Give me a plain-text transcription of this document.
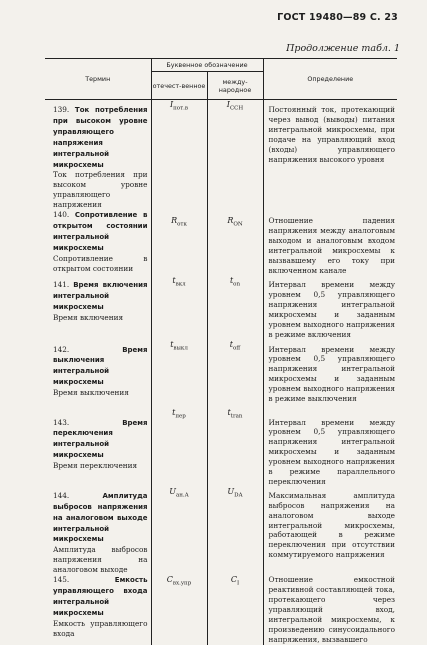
ГОСТ 19480—89 С. 23
Продолжение табл. 1
Термин	Буквенное обозначение		Определение
	отечест-венное	между-народное	

139. Ток потребления при высоком уровне управляющего напряжения интегральной микросхемы
Ток потребления при высоком уровне управляющего напряжения	$I_{пот.в}$	$I_{CCH}$	Постоянный ток, протекающий через вывод (выводы) питания интегральной микросхемы, при подаче на управляющий вход (входы) управляющего напряжения высокого уровня

140. Сопротивление в открытом состоянии интегральной микросхемы
Сопротивление в открытом состоянии	$R_{отк}$	$R_{ON}$	Отношение падения напряжения между аналоговым выходом и аналоговым входом интегральной микросхемы к вызвавшему его току при включенном канале

141. Время включения интегральной микросхемы
Время включения	$t_{вкл}$	$t_{on}$	Интервал времени между уровнем 0,5 управляющего напряжения интегральной микросхемы и заданным уровнем выходного напряжения в режиме включения

142. Время выключения интегральной микросхемы
Время выключения	$t_{выкл}$	$t_{off}$	Интервал времени между уровнем 0,5 управляющего напряжения интегральной микросхемы и заданным уровнем выходного напряжения в режиме выключения

143. Время переключения интегральной микросхемы
Время переключения	$t_{пер}$	$t_{tran}$	Интервал времени между уровнем 0,5 управляющего напряжения интегральной микросхемы и заданным уровнем выходного напряжения в режиме параллельного переключения

144. Амплитуда выбросов напряжения на аналоговом выходе интегральной микросхемы
Амплитуда выбросов напряжения на аналоговом выходе	$U_{ан.А}$	$U_{DA}$	Максимальная амплитуда выбросов напряжения на аналоговом выходе интегральной микросхемы, работающей в режиме переключения при отсутствии коммутируемого напряжения

145. Емкость управляющего входа интегральной микросхемы
Емкость управляющего входа	$C_{вх.упр}$	$C_I$	Отношение емкостной реактивной составляющей тока, протекающего через управляющий вход, интегральной микросхемы, к произведению синусоидального напряжения, вызвавшего
